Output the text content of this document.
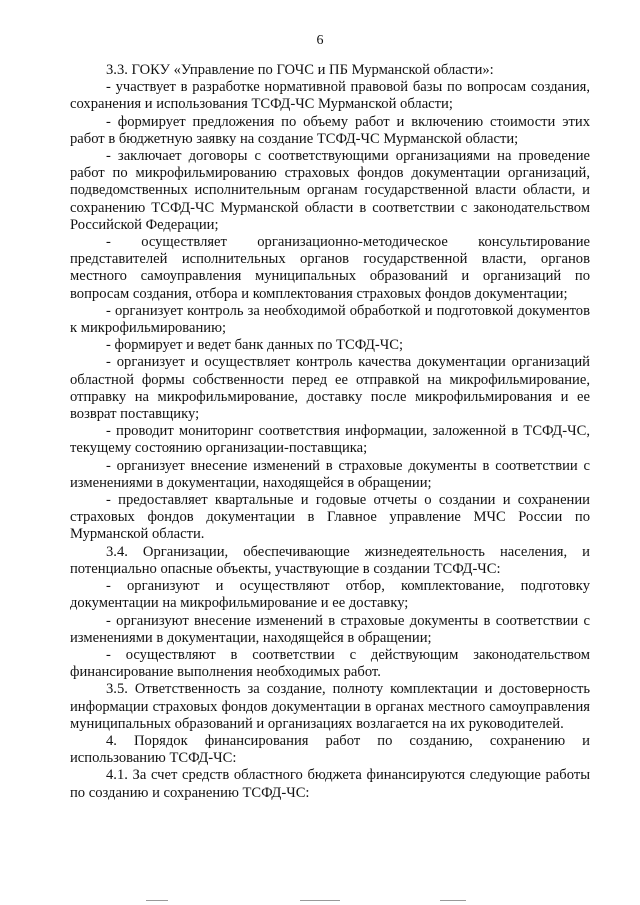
6

3.3. ГОКУ «Управление по ГОЧС и ПБ Мурманской области»:

- участвует в разработке нормативной правовой базы по вопросам создания, сохранения и использования ТСФД-ЧС Мурманской области;

- формирует предложения по объему работ и включению стоимости этих работ в бюджетную заявку на создание ТСФД-ЧС Мурманской области;

- заключает договоры с соответствующими организациями на проведение работ по микрофильмированию страховых фондов документации организаций, подведомственных исполнительным органам государственной власти области, и сохранению ТСФД-ЧС Мурманской области в соответствии с законодательством Российской Федерации;

- осуществляет организационно-методическое консультирование представителей исполнительных органов государственной власти, органов местного самоуправления муниципальных образований и организаций по вопросам создания, отбора и комплектования страховых фондов документации;

- организует контроль за необходимой обработкой и подготовкой документов к микрофильмированию;

- формирует и ведет банк данных по ТСФД-ЧС;

- организует и осуществляет контроль качества документации организаций областной формы собственности перед ее отправкой на микрофильмирование, отправку на микрофильмирование, доставку после микрофильмирования и ее возврат поставщику;

- проводит мониторинг соответствия информации, заложенной в ТСФД-ЧС, текущему состоянию организации-поставщика;

- организует внесение изменений в страховые документы в соответствии с изменениями в документации, находящейся в обращении;

- предоставляет квартальные и годовые отчеты о создании и сохранении страховых фондов документации в Главное управление МЧС России по Мурманской области.

3.4. Организации, обеспечивающие жизнедеятельность населения, и потенциально опасные объекты, участвующие в создании ТСФД-ЧС:

- организуют и осуществляют отбор, комплектование, подготовку документации на микрофильмирование и ее доставку;

- организуют внесение изменений в страховые документы в соответствии с изменениями в документации, находящейся в обращении;

- осуществляют в соответствии с действующим законодательством финансирование выполнения необходимых работ.

3.5. Ответственность за создание, полноту комплектации и достоверность информации страховых фондов документации в органах местного самоуправления муниципальных образований и организациях возлагается на их руководителей.

4. Порядок финансирования работ по созданию, сохранению и использованию ТСФД-ЧС:

4.1. За счет средств областного бюджета финансируются следующие работы по созданию и сохранению ТСФД-ЧС:
